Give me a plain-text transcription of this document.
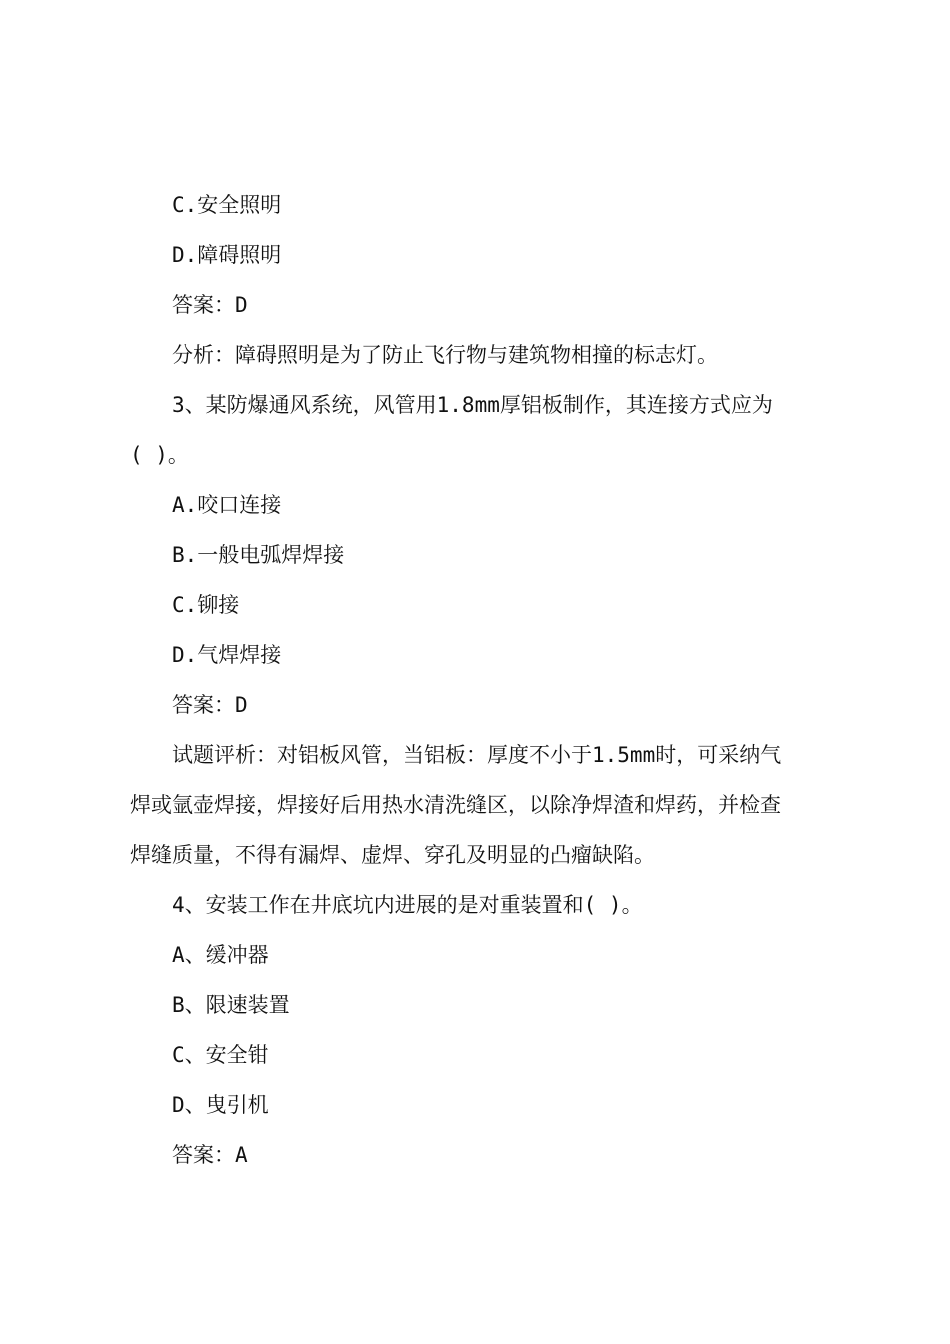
C.安全照明
D.障碍照明
答案：D
分析：障碍照明是为了防止飞行物与建筑物相撞的标志灯。
3、某防爆通风系统，风管用1.8mm厚铝板制作，其连接方式应为
( )。
A.咬口连接
B.一般电弧焊焊接
C.铆接
D.气焊焊接
答案：D
试题评析：对铝板风管，当铝板：厚度不小于1.5mm时，可采纳气
焊或氩壶焊接，焊接好后用热水清洗缝区，以除净焊渣和焊药，并检查
焊缝质量，不得有漏焊、虚焊、穿孔及明显的凸瘤缺陷。
4、安装工作在井底坑内进展的是对重装置和( )。
A、缓冲器
B、限速装置
C、安全钳
D、曳引机
答案：A
